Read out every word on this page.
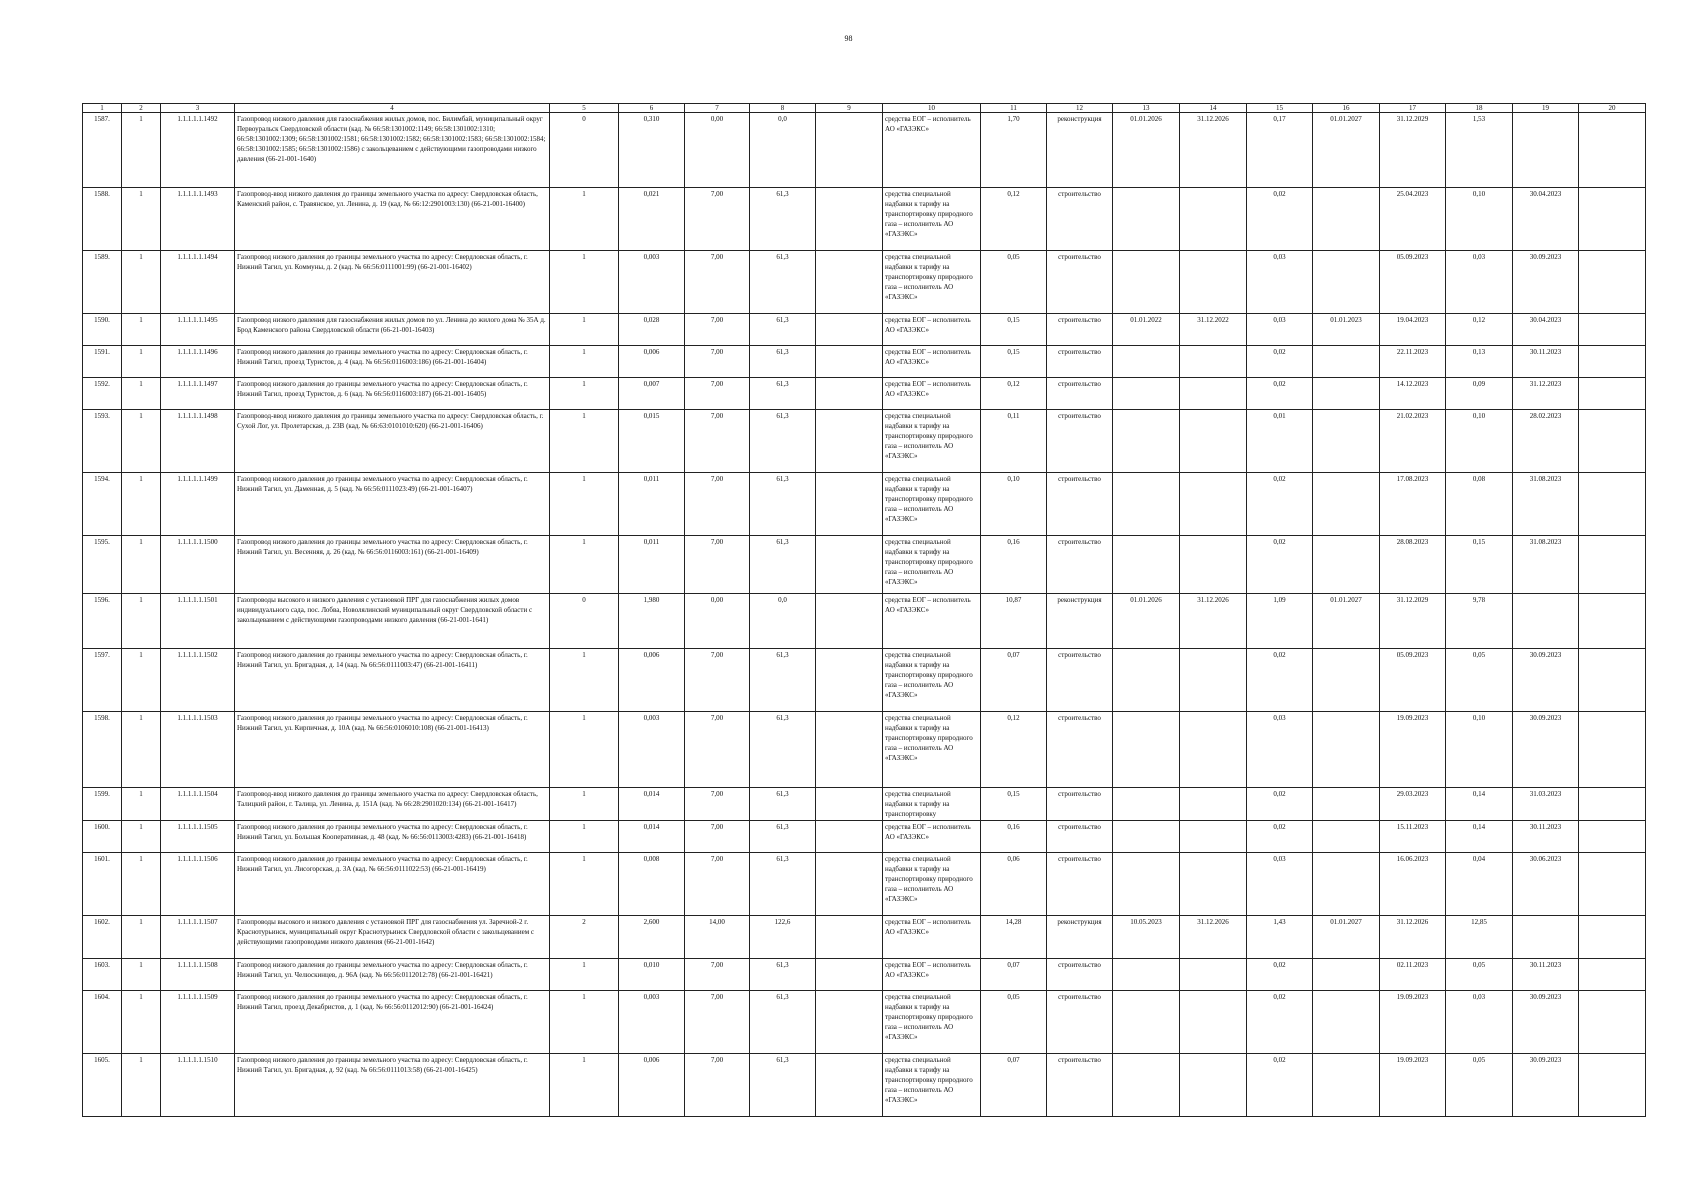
98
1	2	3	4	5	6	7	8	9	10	11	12	13	14	15	16	17	18	19	20
1587.	1	1.1.1.1.1.1492	Газопровод низкого давления для газоснабжения жилых домов, пос. Билимбай, муниципальный округ Первоуральск Свердловской области (кад. № 66:58:1301002:1149; 66:58:1301002:1310; 66:58:1301002:1309; 66:58:1301002:1581; 66:58:1301002:1582; 66:58:1301002:1583; 66:58:1301002:1584; 66:58:1301002:1585; 66:58:1301002:1586) с закольцеванием с действующими газопроводами низкого давления (66-21-001-1640)	0	0,310	0,00	0,0		средства ЕОГ – исполнитель АО «ГАЗЭКС»	1,70	реконструкция	01.01.2026	31.12.2026	0,17	01.01.2027	31.12.2029	1,53		
1588.	1	1.1.1.1.1.1493	Газопровод-ввод низкого давления до границы земельного участка по адресу: Свердловская область, Каменский район, с. Травянское, ул. Ленина, д. 19 (кад. № 66:12:2901003:130) (66-21-001-16400)	1	0,021	7,00	61,3		средства специальной надбавки к тарифу на транспортировку природного газа – исполнитель АО «ГАЗЭКС»	0,12	строительство			0,02		25.04.2023	0,10	30.04.2023	
1589.	1	1.1.1.1.1.1494	Газопровод низкого давления до границы земельного участка по адресу: Свердловская область, г. Нижний Тагил, ул. Коммуны, д. 2 (кад. № 66:56:0111001:99) (66-21-001-16402)	1	0,003	7,00	61,3		средства специальной надбавки к тарифу на транспортировку природного газа – исполнитель АО «ГАЗЭКС»	0,05	строительство			0,03		05.09.2023	0,03	30.09.2023	
1590.	1	1.1.1.1.1.1495	Газопровод низкого давления для газоснабжения жилых домов по ул. Ленина до жилого дома № 35А д. Брод Каменского района Свердловской области (66-21-001-16403)	1	0,028	7,00	61,3		средства ЕОГ – исполнитель АО «ГАЗЭКС»	0,15	строительство	01.01.2022	31.12.2022	0,03	01.01.2023	19.04.2023	0,12	30.04.2023	
1591.	1	1.1.1.1.1.1496	Газопровод низкого давления до границы земельного участка по адресу: Свердловская область, г. Нижний Тагил, проезд Туристов, д. 4 (кад. № 66:56:0116003:186) (66-21-001-16404)	1	0,006	7,00	61,3		средства ЕОГ – исполнитель АО «ГАЗЭКС»	0,15	строительство			0,02		22.11.2023	0,13	30.11.2023	
1592.	1	1.1.1.1.1.1497	Газопровод низкого давления до границы земельного участка по адресу: Свердловская область, г. Нижний Тагил, проезд Туристов, д. 6 (кад. № 66:56:0116003:187) (66-21-001-16405)	1	0,007	7,00	61,3		средства ЕОГ – исполнитель АО «ГАЗЭКС»	0,12	строительство			0,02		14.12.2023	0,09	31.12.2023	
1593.	1	1.1.1.1.1.1498	Газопровод-ввод низкого давления до границы земельного участка по адресу: Свердловская область, г. Сухой Лог, ул. Пролетарская, д. 23В (кад. № 66:63:0101010:620) (66-21-001-16406)	1	0,015	7,00	61,3		средства специальной надбавки к тарифу на транспортировку природного газа – исполнитель АО «ГАЗЭКС»	0,11	строительство			0,01		21.02.2023	0,10	28.02.2023	
1594.	1	1.1.1.1.1.1499	Газопровод низкого давления до границы земельного участка по адресу: Свердловская область, г. Нижний Тагил, ул. Даменная, д. 5 (кад. № 66:56:0111023:49) (66-21-001-16407)	1	0,011	7,00	61,3		средства специальной надбавки к тарифу на транспортировку природного газа – исполнитель АО «ГАЗЭКС»	0,10	строительство			0,02		17.08.2023	0,08	31.08.2023	
1595.	1	1.1.1.1.1.1500	Газопровод низкого давления до границы земельного участка по адресу: Свердловская область, г. Нижний Тагил, ул. Весенняя, д. 26 (кад. № 66:56:0116003:161) (66-21-001-16409)	1	0,011	7,00	61,3		средства специальной надбавки к тарифу на транспортировку природного газа – исполнитель АО «ГАЗЭКС»	0,16	строительство			0,02		28.08.2023	0,15	31.08.2023	
1596.	1	1.1.1.1.1.1501	Газопроводы высокого и низкого давления с установкой ПРГ для газоснабжения жилых домов индивидуального сада, пос. Лобва, Новолялинский муниципальный округ Свердловской области с закольцеванием с действующими газопроводами низкого давления (66-21-001-1641)	0	1,980	0,00	0,0		средства ЕОГ – исполнитель АО «ГАЗЭКС»	10,87	реконструкция	01.01.2026	31.12.2026	1,09	01.01.2027	31.12.2029	9,78		
1597.	1	1.1.1.1.1.1502	Газопровод низкого давления до границы земельного участка по адресу: Свердловская область, г. Нижний Тагил, ул. Бригадная, д. 14 (кад. № 66:56:0111003:47) (66-21-001-16411)	1	0,006	7,00	61,3		средства специальной надбавки к тарифу на транспортировку природного газа – исполнитель АО «ГАЗЭКС»	0,07	строительство			0,02		05.09.2023	0,05	30.09.2023	
1598.	1	1.1.1.1.1.1503	Газопровод низкого давления до границы земельного участка по адресу: Свердловская область, г. Нижний Тагил, ул. Кирпичная, д. 10А (кад. № 66:56:0106010:108) (66-21-001-16413)	1	0,003	7,00	61,3		средства специальной надбавки к тарифу на транспортировку природного газа – исполнитель АО «ГАЗЭКС»	0,12	строительство			0,03		19.09.2023	0,10	30.09.2023	
1599.	1	1.1.1.1.1.1504	Газопровод-ввод низкого давления до границы земельного участка по адресу: Свердловская область, Талицкий район, г. Талица, ул. Ленина, д. 151А (кад. № 66:28:2901020:134) (66-21-001-16417)	1	0,014	7,00	61,3		средства специальной надбавки к тарифу на транспортировку	0,15	строительство			0,02		29.03.2023	0,14	31.03.2023	
1600.	1	1.1.1.1.1.1505	Газопровод низкого давления до границы земельного участка по адресу: Свердловская область, г. Нижний Тагил, ул. Большая Кооперативная, д. 48 (кад. № 66:56:0113003:4283) (66-21-001-16418)	1	0,014	7,00	61,3		средства ЕОГ – исполнитель АО «ГАЗЭКС»	0,16	строительство			0,02		15.11.2023	0,14	30.11.2023	
1601.	1	1.1.1.1.1.1506	Газопровод низкого давления до границы земельного участка по адресу: Свердловская область, г. Нижний Тагил, ул. Лисогорская, д. 3А (кад. № 66:56:0111022:53) (66-21-001-16419)	1	0,008	7,00	61,3		средства специальной надбавки к тарифу на транспортировку природного газа – исполнитель АО «ГАЗЭКС»	0,06	строительство			0,03		16.06.2023	0,04	30.06.2023	
1602.	1	1.1.1.1.1.1507	Газопроводы высокого и низкого давления с установкой ПРГ для газоснабжения ул. Заречной-2 г. Краснотурьинск, муниципальный округ Краснотурьинск Свердловской области с закольцеванием с действующими газопроводами низкого давления (66-21-001-1642)	2	2,600	14,00	122,6		средства ЕОГ – исполнитель АО «ГАЗЭКС»	14,28	реконструкция	10.05.2023	31.12.2026	1,43	01.01.2027	31.12.2026	12,85		
1603.	1	1.1.1.1.1.1508	Газопровод низкого давления до границы земельного участка по адресу: Свердловская область, г. Нижний Тагил, ул. Челюскинцев, д. 96А (кад. № 66:56:0112012:78) (66-21-001-16421)	1	0,010	7,00	61,3		средства ЕОГ – исполнитель АО «ГАЗЭКС»	0,07	строительство			0,02		02.11.2023	0,05	30.11.2023	
1604.	1	1.1.1.1.1.1509	Газопровод низкого давления до границы земельного участка по адресу: Свердловская область, г. Нижний Тагил, проезд Декабристов, д. 1 (кад. № 66:56:0112012:90) (66-21-001-16424)	1	0,003	7,00	61,3		средства специальной надбавки к тарифу на транспортировку природного газа – исполнитель АО «ГАЗЭКС»	0,05	строительство			0,02		19.09.2023	0,03	30.09.2023	
1605.	1	1.1.1.1.1.1510	Газопровод низкого давления до границы земельного участка по адресу: Свердловская область, г. Нижний Тагил, ул. Бригадная, д. 92 (кад. № 66:56:0111013:58) (66-21-001-16425)	1	0,006	7,00	61,3		средства специальной надбавки к тарифу на транспортировку природного газа – исполнитель АО «ГАЗЭКС»	0,07	строительство			0,02		19.09.2023	0,05	30.09.2023	
